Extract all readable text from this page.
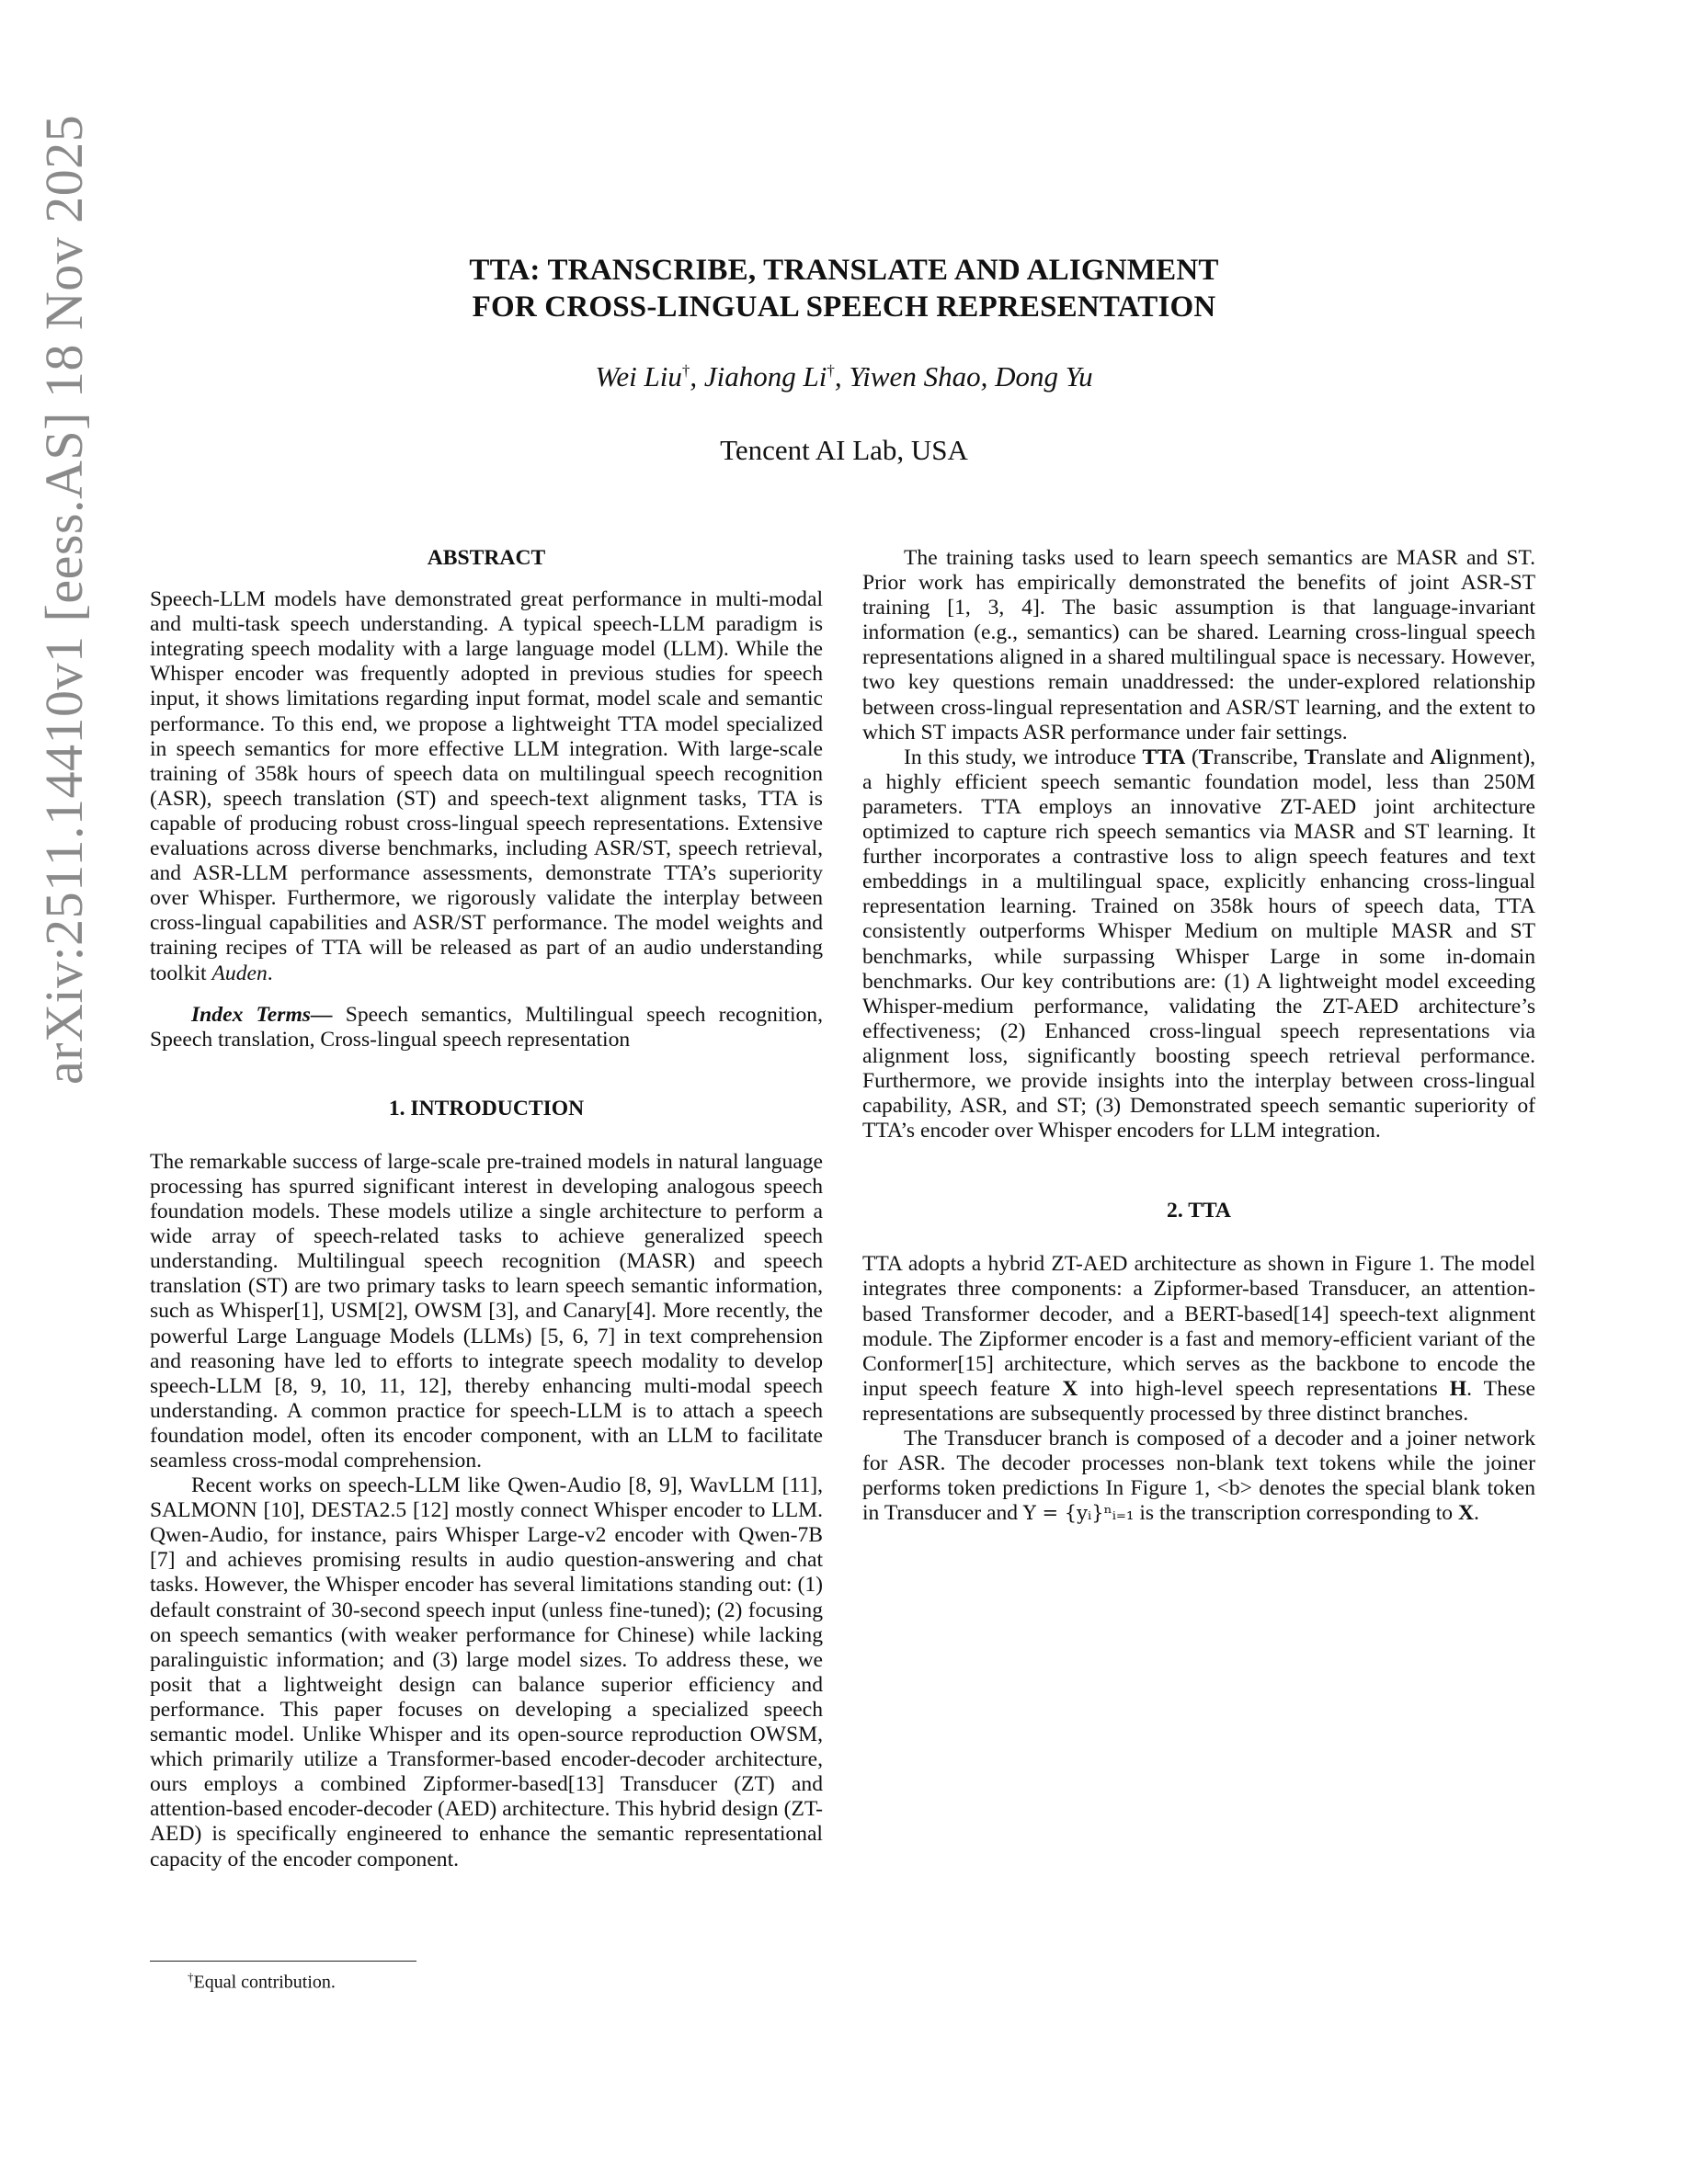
arXiv:2511.14410v1 [eess.AS] 18 Nov 2025	TTA: TRANSCRIBE, TRANSLATE AND ALIGNMENT
FOR CROSS-LINGUAL SPEECH REPRESENTATION
Wei Liu†, Jiahong Li†, Yiwen Shao, Dong Yu
Tencent AI Lab, USA
ABSTRACT

Speech-LLM models have demonstrated great performance in multi-modal and multi-task speech understanding. A typical speech-LLM paradigm is integrating speech modality with a large language model (LLM). While the Whisper encoder was frequently adopted in previous studies for speech input, it shows limitations regarding input format, model scale and semantic performance. To this end, we propose a lightweight TTA model specialized in speech semantics for more effective LLM integration. With large-scale training of 358k hours of speech data on multilingual speech recognition (ASR), speech translation (ST) and speech-text alignment tasks, TTA is capable of producing robust cross-lingual speech representations. Extensive evaluations across diverse benchmarks, including ASR/ST, speech retrieval, and ASR-LLM performance assessments, demonstrate TTA’s superiority over Whisper. Furthermore, we rigorously validate the interplay between cross-lingual capabilities and ASR/ST performance. The model weights and training recipes of TTA will be released as part of an audio understanding toolkit Auden.

Index Terms— Speech semantics, Multilingual speech recognition, Speech translation, Cross-lingual speech representation

1. INTRODUCTION

The remarkable success of large-scale pre-trained models in natural language processing has spurred significant interest in developing analogous speech foundation models. These models utilize a single architecture to perform a wide array of speech-related tasks to achieve generalized speech understanding. Multilingual speech recognition (MASR) and speech translation (ST) are two primary tasks to learn speech semantic information, such as Whisper[1], USM[2], OWSM [3], and Canary[4]. More recently, the powerful Large Language Models (LLMs) [5, 6, 7] in text comprehension and reasoning have led to efforts to integrate speech modality to develop speech-LLM [8, 9, 10, 11, 12], thereby enhancing multi-modal speech understanding. A common practice for speech-LLM is to attach a speech foundation model, often its encoder component, with an LLM to facilitate seamless cross-modal comprehension.

Recent works on speech-LLM like Qwen-Audio [8, 9], WavLLM [11], SALMONN [10], DESTA2.5 [12] mostly connect Whisper encoder to LLM. Qwen-Audio, for instance, pairs Whisper Large-v2 encoder with Qwen-7B [7] and achieves promising results in audio question-answering and chat tasks. However, the Whisper encoder has several limitations standing out: (1) default constraint of 30-second speech input (unless fine-tuned); (2) focusing on speech semantics (with weaker performance for Chinese) while lacking paralinguistic information; and (3) large model sizes. To address these, we posit that a lightweight design can balance superior efficiency and performance. This paper focuses on developing a specialized speech semantic model. Unlike Whisper and its open-source reproduction OWSM, which primarily utilize a Transformer-based encoder-decoder architecture, ours employs a combined Zipformer-based[13] Transducer (ZT) and attention-based encoder-decoder (AED) architecture. This hybrid design (ZT-AED) is specifically engineered to enhance the semantic representational capacity of the encoder component.

The training tasks used to learn speech semantics are MASR and ST. Prior work has empirically demonstrated the benefits of joint ASR-ST training [1, 3, 4]. The basic assumption is that language-invariant information (e.g., semantics) can be shared. Learning cross-lingual speech representations aligned in a shared multilingual space is necessary. However, two key questions remain unaddressed: the under-explored relationship between cross-lingual representation and ASR/ST learning, and the extent to which ST impacts ASR performance under fair settings.

In this study, we introduce TTA (Transcribe, Translate and Alignment), a highly efficient speech semantic foundation model, less than 250M parameters. TTA employs an innovative ZT-AED joint architecture optimized to capture rich speech semantics via MASR and ST learning. It further incorporates a contrastive loss to align speech features and text embeddings in a multilingual space, explicitly enhancing cross-lingual representation learning. Trained on 358k hours of speech data, TTA consistently outperforms Whisper Medium on multiple MASR and ST benchmarks, while surpassing Whisper Large in some in-domain benchmarks. Our key contributions are: (1) A lightweight model exceeding Whisper-medium performance, validating the ZT-AED architecture’s effectiveness; (2) Enhanced cross-lingual speech representations via alignment loss, significantly boosting speech retrieval performance. Furthermore, we provide insights into the interplay between cross-lingual capability, ASR, and ST; (3) Demonstrated speech semantic superiority of TTA’s encoder over Whisper encoders for LLM integration.

2. TTA

TTA adopts a hybrid ZT-AED architecture as shown in Figure 1. The model integrates three components: a Zipformer-based Transducer, an attention-based Transformer decoder, and a BERT-based[14] speech-text alignment module. The Zipformer encoder is a fast and memory-efficient variant of the Conformer[15] architecture, which serves as the backbone to encode the input speech feature X into high-level speech representations H. These representations are subsequently processed by three distinct branches.

The Transducer branch is composed of a decoder and a joiner network for ASR. The decoder processes non-blank text tokens while the joiner performs token predictions In Figure 1, <b> denotes the special blank token in Transducer and Y = {yᵢ}ⁿᵢ₌₁ is the transcription corresponding to X.

†Equal contribution.
